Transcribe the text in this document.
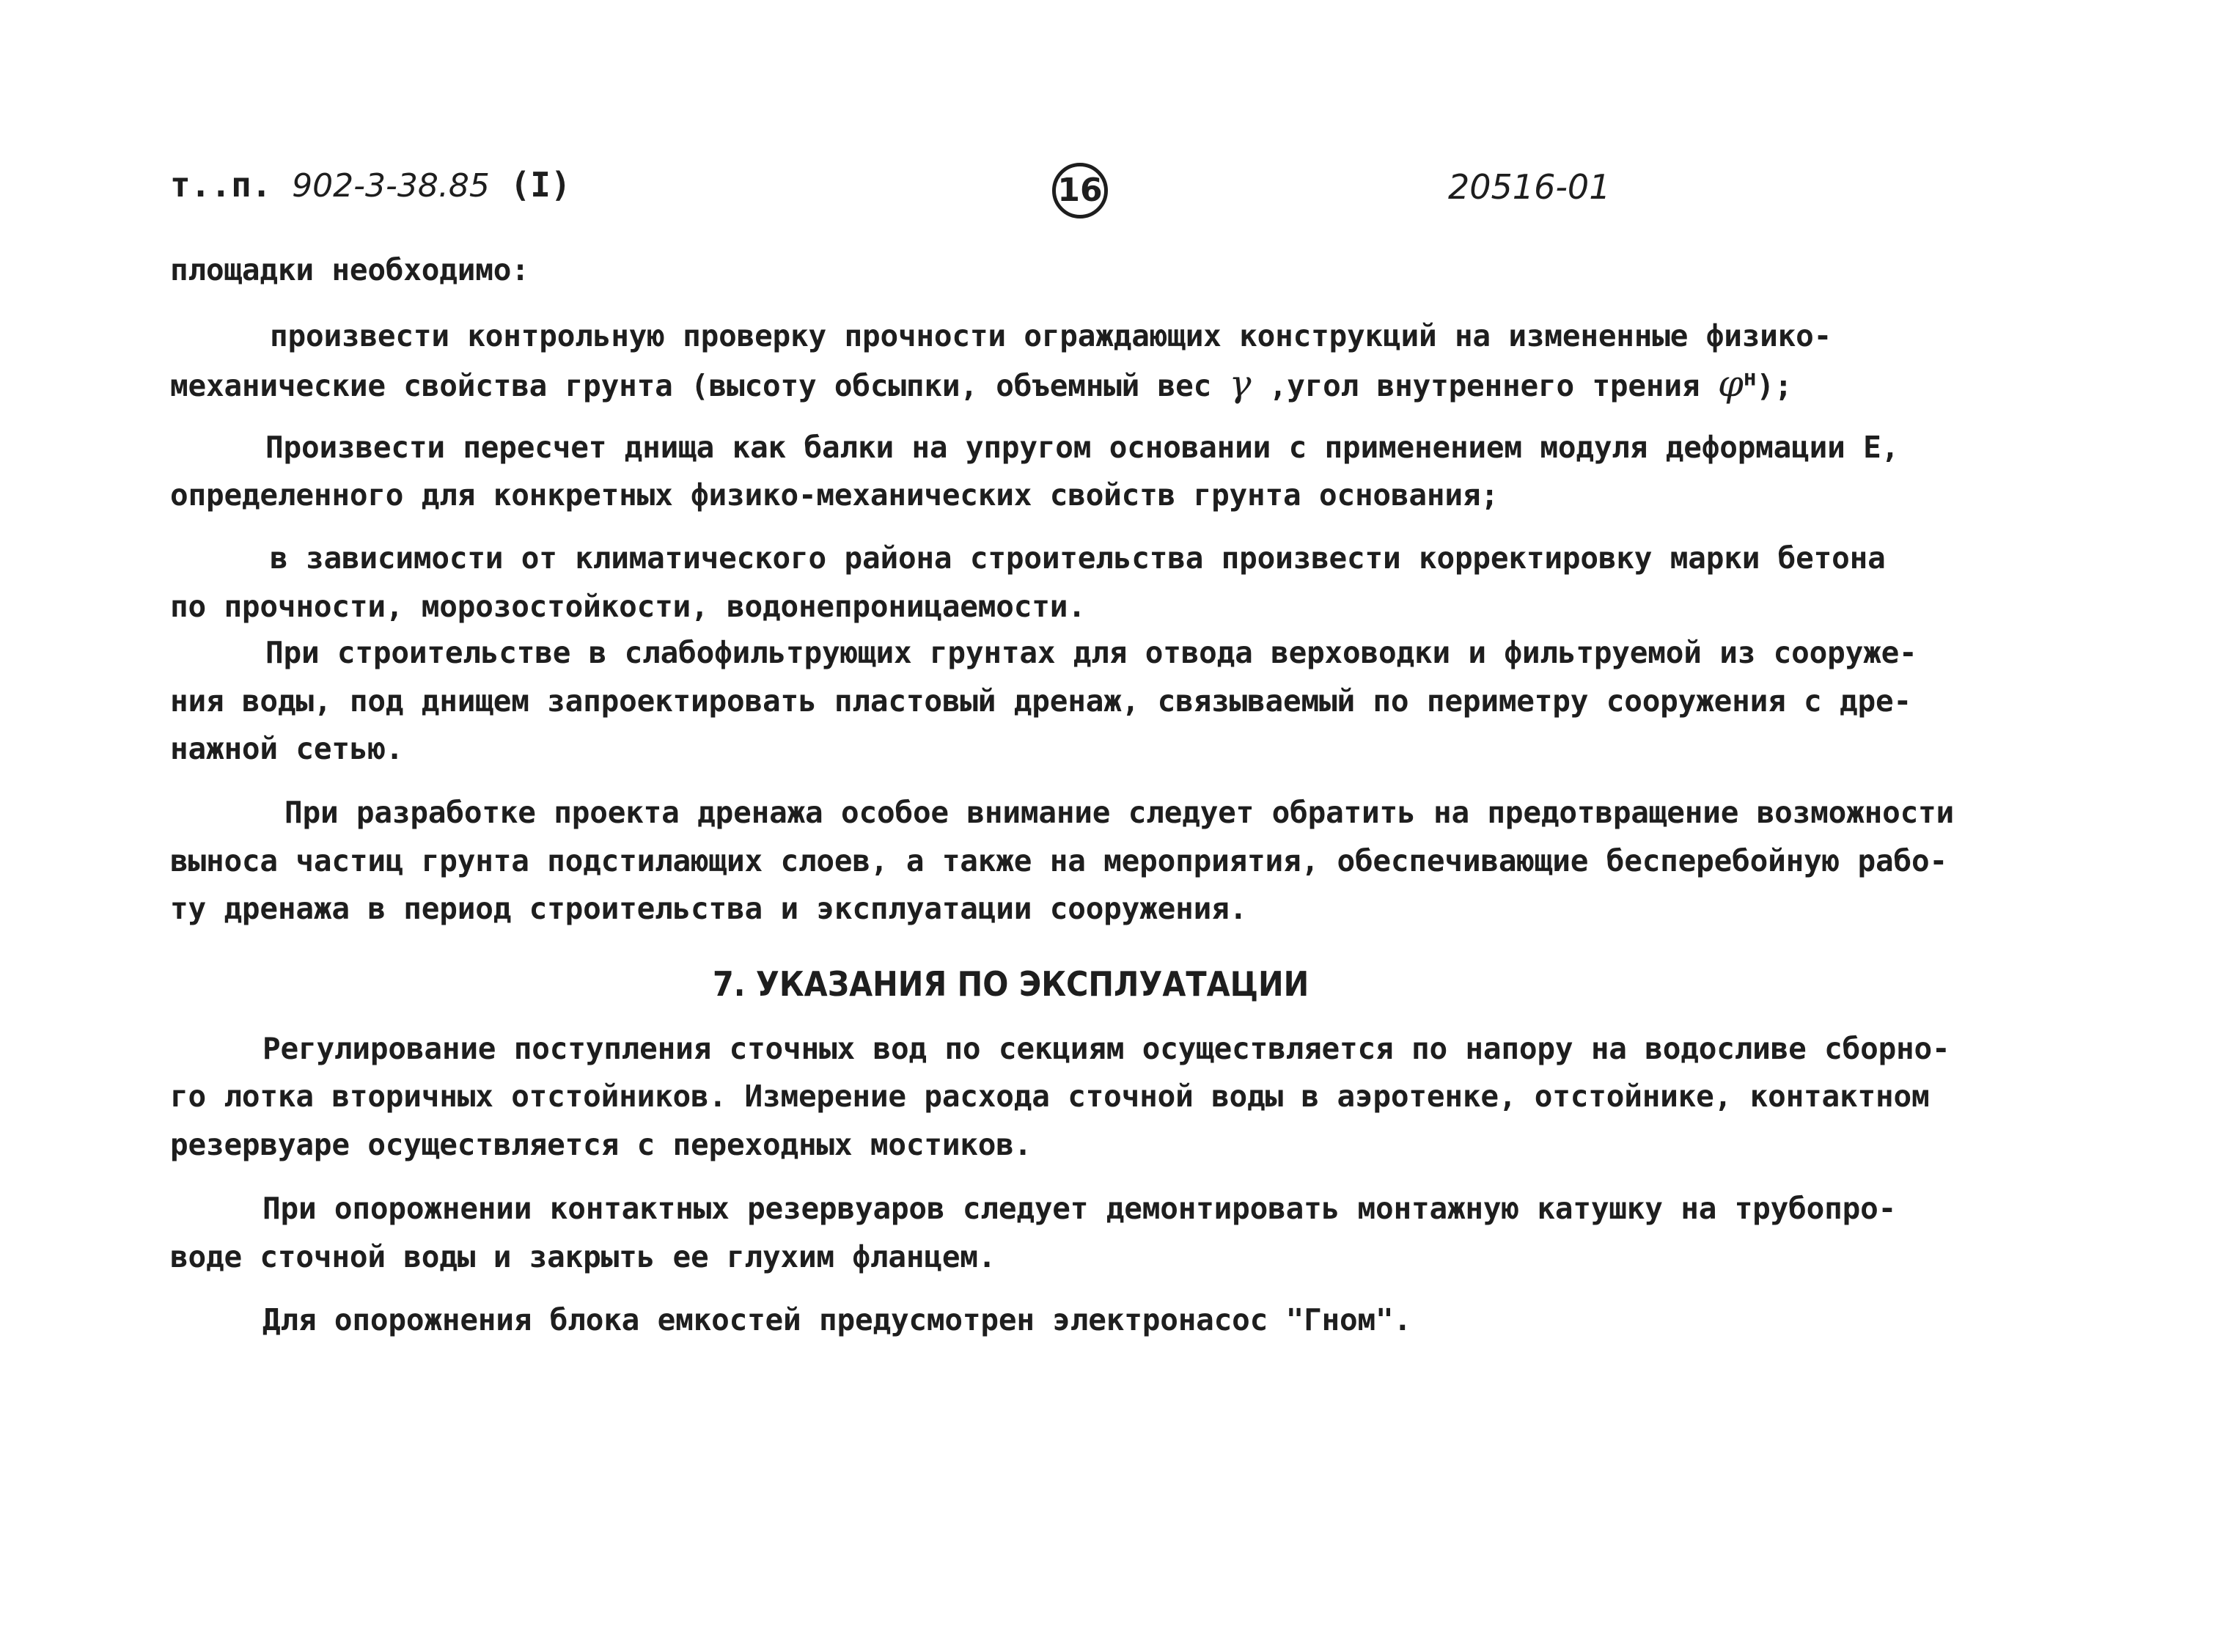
т..п. 902-3-38.85 (I)	16	20516-01
площадки необходимо:
произвести контрольную проверку прочности ограждающих конструкций на измененные физико-
механические свойства грунта (высоту обсыпки, объемный вес γ ,угол внутреннего трения $\varphi^н$);
Произвести пересчет днища как балки на упругом основании с применением модуля деформации Е,
определенного для конкретных физико-механических свойств грунта основания;
в зависимости от климатического района строительства произвести корректировку марки бетона
по прочности, морозостойкости, водонепроницаемости.
При строительстве в слабофильтрующих грунтах для отвода верховодки и фильтруемой из сооруже-
ния воды, под днищем запроектировать пластовый дренаж, связываемый по периметру сооружения с дре-
нажной сетью.
При разработке проекта дренажа особое внимание следует обратить на предотвращение возможности
выноса частиц грунта подстилающих слоев, а также на мероприятия, обеспечивающие бесперебойную рабо-
ту дренажа в период строительства и эксплуатации сооружения.
7. УКАЗАНИЯ ПО ЭКСПЛУАТАЦИИ
Регулирование поступления сточных вод по секциям осуществляется по напору на водосливе сборно-
го лотка вторичных отстойников. Измерение расхода сточной воды в аэротенке, отстойнике, контактном
резервуаре осуществляется с переходных мостиков.
При опорожнении контактных резервуаров следует демонтировать монтажную катушку на трубопро-
воде сточной воды и закрыть ее глухим фланцем.
Для опорожнения блока емкостей предусмотрен электронасос "Гном".
